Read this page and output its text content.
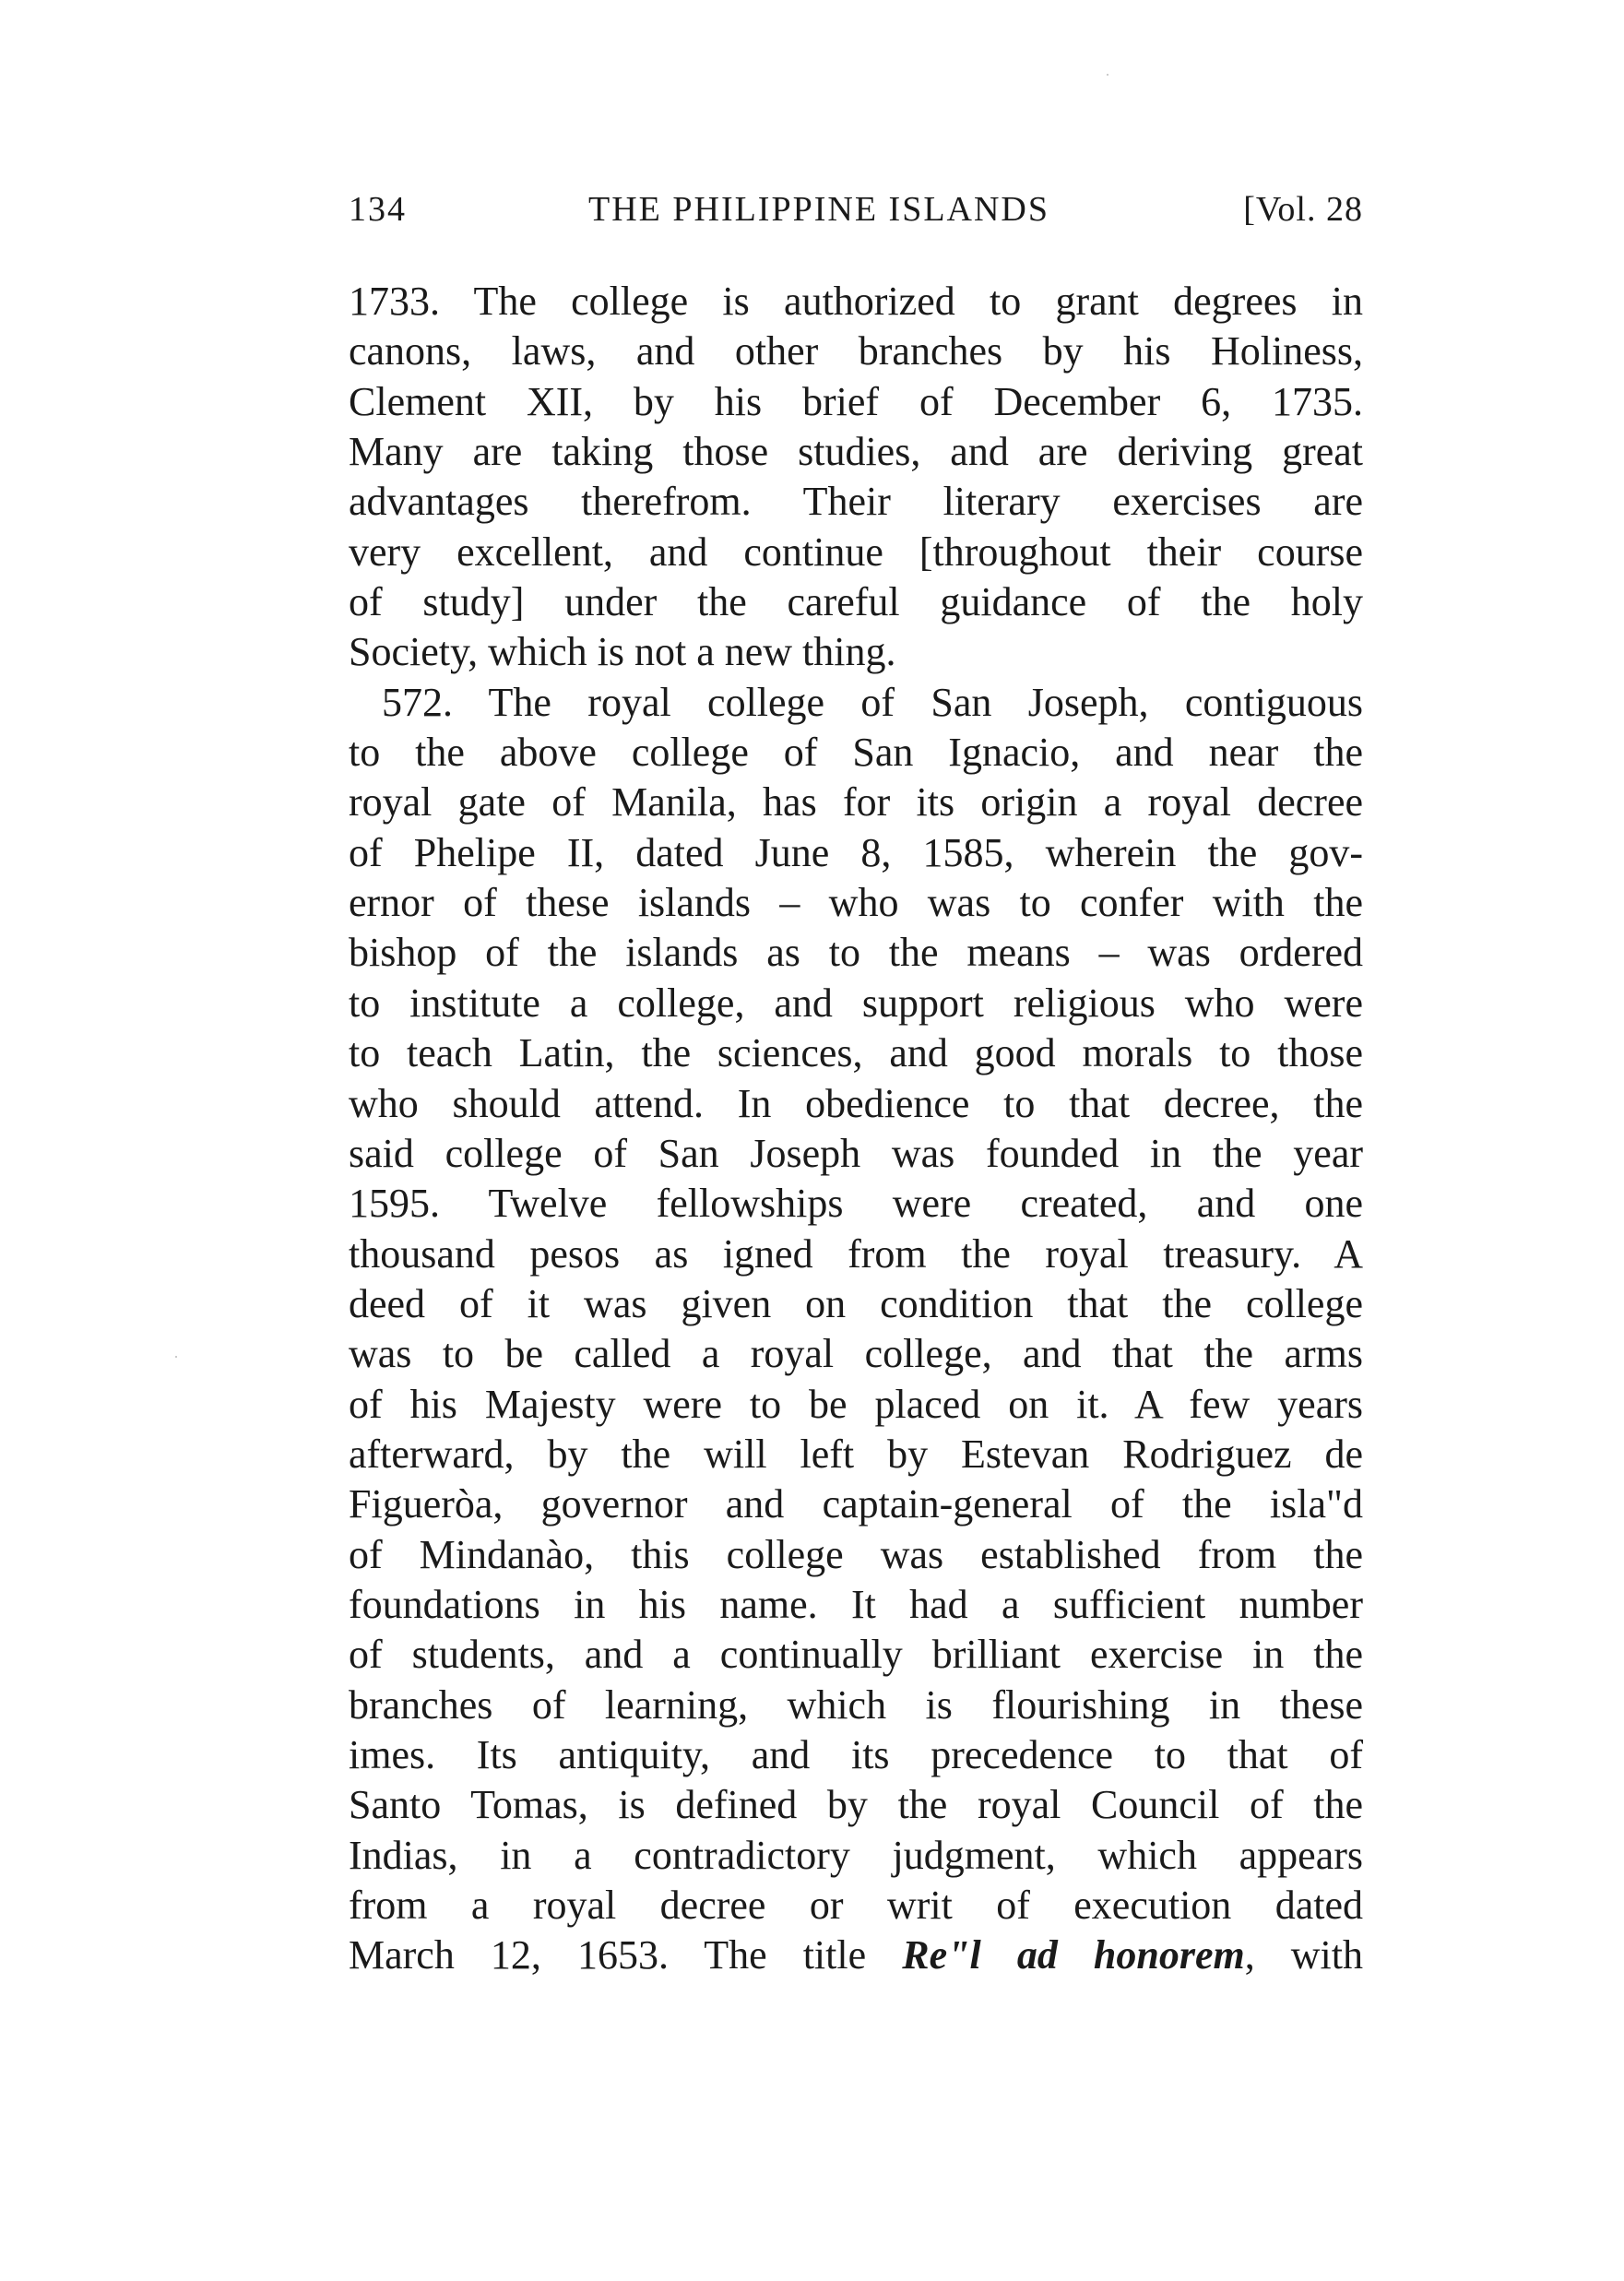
134	THE PHILIPPINE ISLANDS	[Vol. 28
1733. The college is authorized to grant degrees in
canons, laws, and other branches by his Holiness,
Clement XII, by his brief of December 6, 1735.
Many are taking those studies, and are deriving great
advantages therefrom. Their literary exercises are
very excellent, and continue [throughout their course
of study] under the careful guidance of the holy
Society, which is not a new thing.
572. The royal college of San Joseph, contiguous
to the above college of San Ignacio, and near the
royal gate of Manila, has for its origin a royal decree
of Phelipe II, dated June 8, 1585, wherein the gov-
ernor of these islands – who was to confer with the
bishop of the islands as to the means – was ordered
to institute a college, and support religious who were
to teach Latin, the sciences, and good morals to those
who should attend. In obedience to that decree, the
said college of San Joseph was founded in the year
1595. Twelve fellowships were created, and one
thousand pesos as igned from the royal treasury. A
deed of it was given on condition that the college
was to be called a royal college, and that the arms
of his Majesty were to be placed on it. A few years
afterward, by the will left by Estevan Rodriguez de
Figueròa, governor and captain-general of the isla"d
of Mindanào, this college was established from the
foundations in his name. It had a sufficient number
of students, and a continually brilliant exercise in the
branches of learning, which is flourishing in these
imes. Its antiquity, and its precedence to that of
Santo Tomas, is defined by the royal Council of the
Indias, in a contradictory judgment, which appears
from a royal decree or writ of execution dated
March 12, 1653. The title Re"l ad honorem, with
